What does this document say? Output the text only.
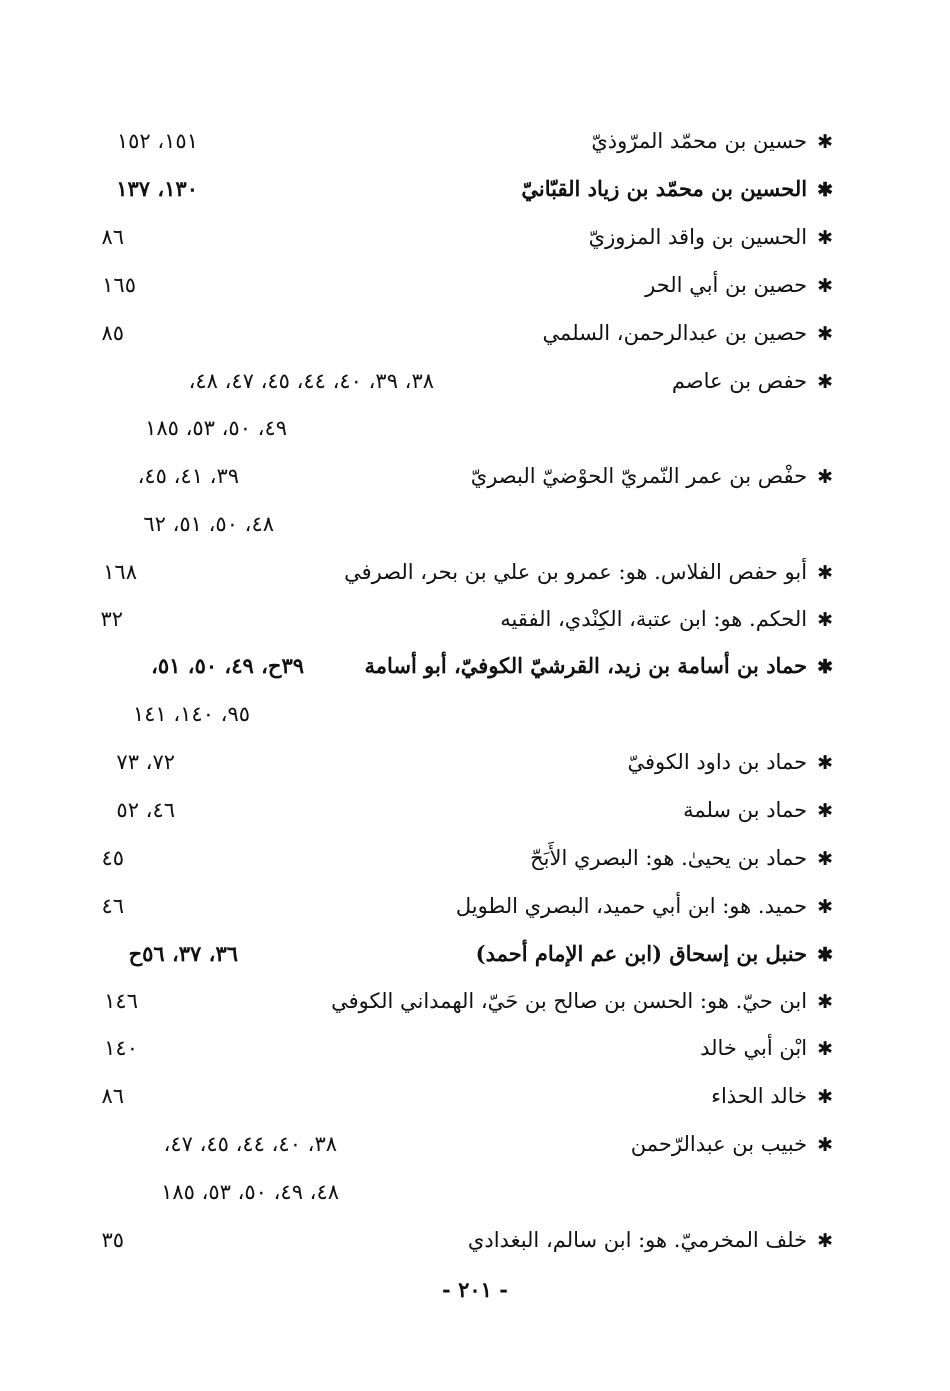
✱حسين بن محمّد المرّوذيّ
١٥١، ١٥٢
✱الحسين بن محمّد بن زياد القبّانيّ
١٣٠، ١٣٧
✱الحسين بن واقد المزوزيّ
٨٦
✱حصين بن أبي الحر
١٦٥
✱حصين بن عبدالرحمن، السلمي
٨٥
✱حفص بن عاصم
٣٨، ٣٩، ٤٠، ٤٤، ٤٥، ٤٧، ٤٨،
٤٩، ٥٠، ٥٣، ١٨٥
✱حفْص بن عمر النّمريّ الحوْضيّ البصريّ
٣٩، ٤١، ٤٥،
٤٨، ٥٠، ٥١، ٦٢
✱أبو حفص الفلاس. هو: عمرو بن علي بن بحر، الصرفي
١٦٨
✱الحكم. هو: ابن عتبة، الكِنْدي، الفقيه
٣٢
✱حماد بن أسامة بن زيد، القرشيّ الكوفيّ، أبو أسامة
٣٩ح، ٤٩، ٥٠، ٥١،
٩٥، ١٤٠، ١٤١
✱حماد بن داود الكوفيّ
٧٢، ٧٣
✱حماد بن سلمة
٤٦، ٥٢
✱حماد بن يحيىٰ. هو: البصري الأَبَحّ
٤٥
✱حميد. هو: ابن أبي حميد، البصري الطويل
٤٦
✱حنبل بن إسحاق (ابن عم الإمام أحمد)
٣٦، ٣٧، ٥٦ح
✱ابن حيّ. هو: الحسن بن صالح بن حَيّ، الهمداني الكوفي
١٤٦
✱ابْن أبي خالد
١٤٠
✱خالد الحذاء
٨٦
✱خبيب بن عبدالرّحمن
٣٨، ٤٠، ٤٤، ٤٥، ٤٧،
٤٨، ٤٩، ٥٠، ٥٣، ١٨٥
✱خلف المخرميّ. هو: ابن سالم، البغدادي
٣٥
- ٢٠١ -
